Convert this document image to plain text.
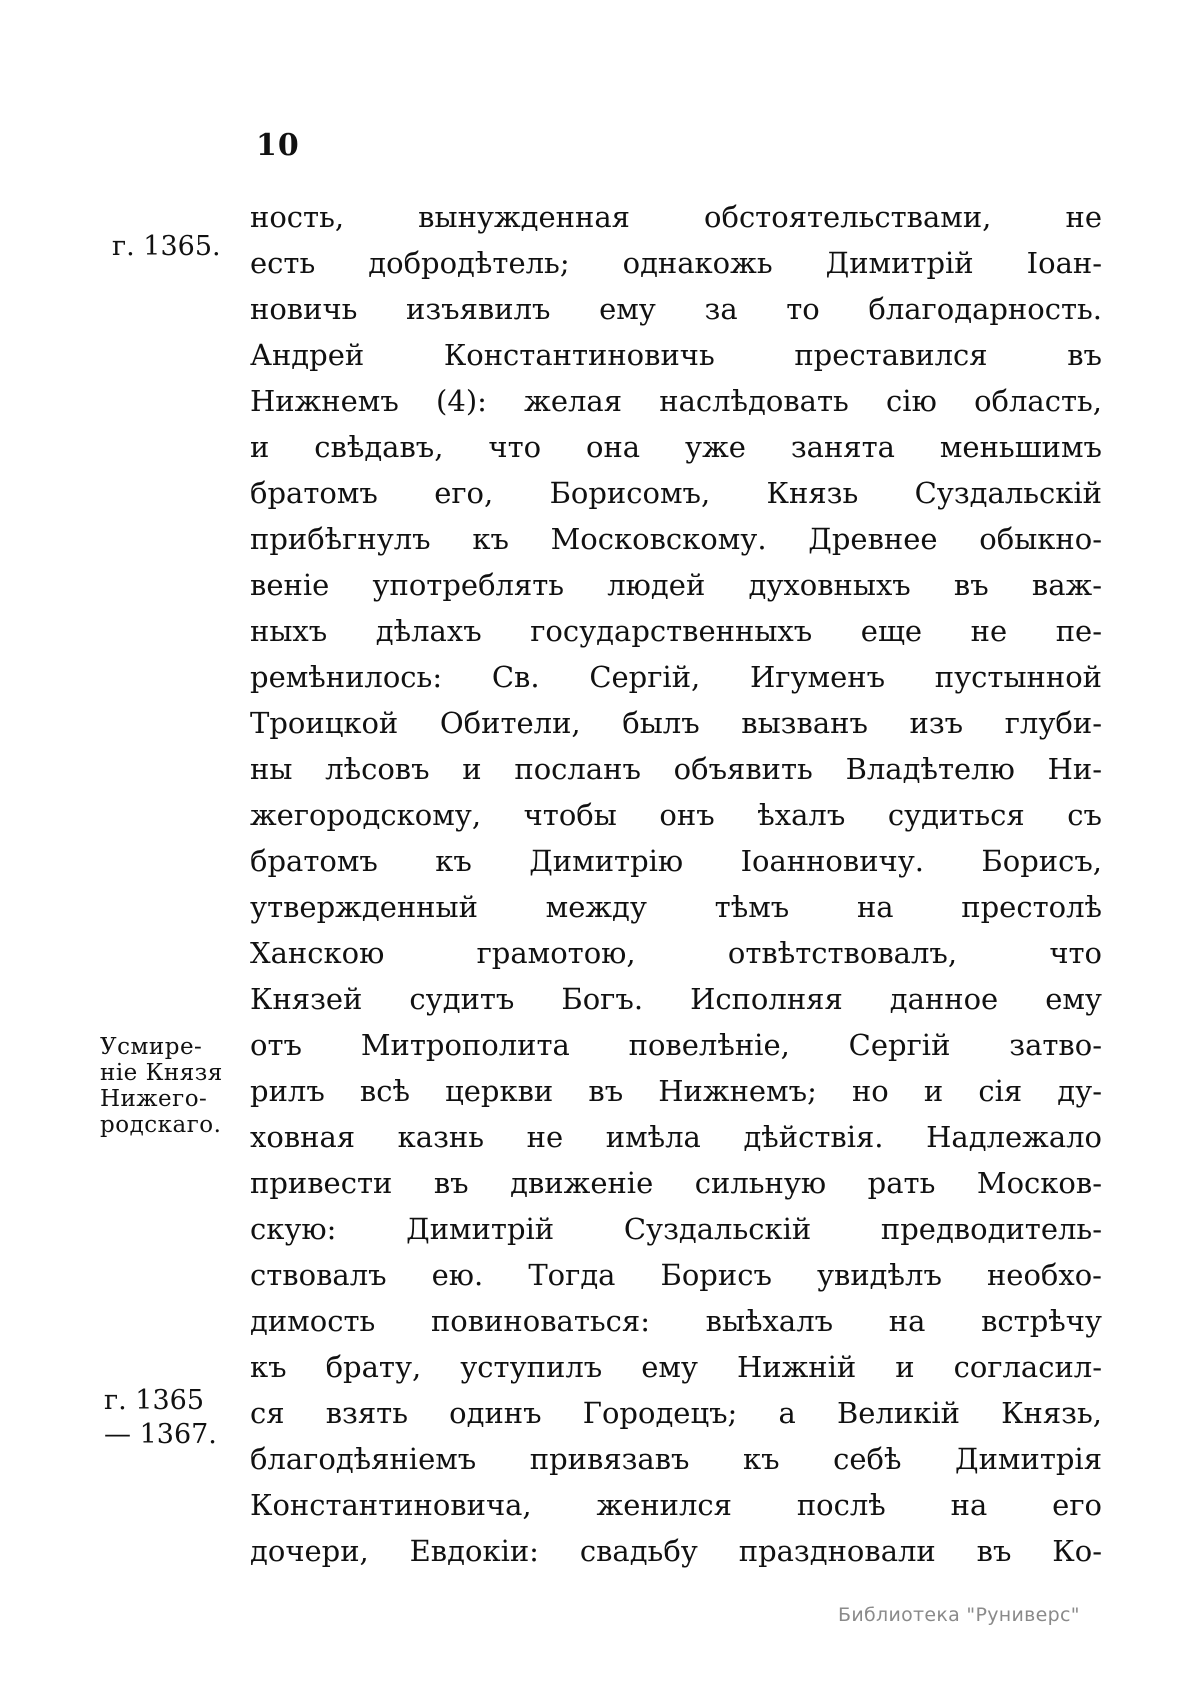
10
г. 1365.
Усмире-
ніе Князя
Нижего-
родскаго.
г. 1365
— 1367.
ность, вынужденная обстоятельствами, не
есть добродѣтель; однакожь Димитрій Іоан-
новичь изъявилъ ему за то благодарность.
Андрей Константиновичь преставился въ
Нижнемъ (4): желая наслѣдовать сію область,
и свѣдавъ, что она уже занята меньшимъ
братомъ его, Борисомъ, Князь Суздальскій
прибѣгнулъ къ Московскому. Древнее обыкно-
веніе употреблять людей духовныхъ въ важ-
ныхъ дѣлахъ государственныхъ еще не пе-
ремѣнилось: Св. Сергій, Игуменъ пустынной
Троицкой Обители, былъ вызванъ изъ глуби-
ны лѣсовъ и посланъ объявить Владѣтелю Ни-
жегородскому, чтобы онъ ѣхалъ судиться съ
братомъ къ Димитрію Іоанновичу. Борисъ,
утвержденный между тѣмъ на престолѣ
Ханскою грамотою, отвѣтствовалъ, что
Князей судитъ Богъ. Исполняя данное ему
отъ Митрополита повелѣніе, Сергій затво-
рилъ всѣ церкви въ Нижнемъ; но и сія ду-
ховная казнь не имѣла дѣйствія. Надлежало
привести въ движеніе сильную рать Москов-
скую: Димитрій Суздальскій предводитель-
ствовалъ ею. Тогда Борисъ увидѣлъ необхо-
димость повиноваться: выѣхалъ на встрѣчу
къ брату, уступилъ ему Нижній и согласил-
ся взять одинъ Городецъ; а Великій Князь,
благодѣяніемъ привязавъ къ себѣ Димитрія
Константиновича, женился послѣ на его
дочери, Евдокіи: свадьбу праздновали въ Ко-
Библиотека "Руниверс"
